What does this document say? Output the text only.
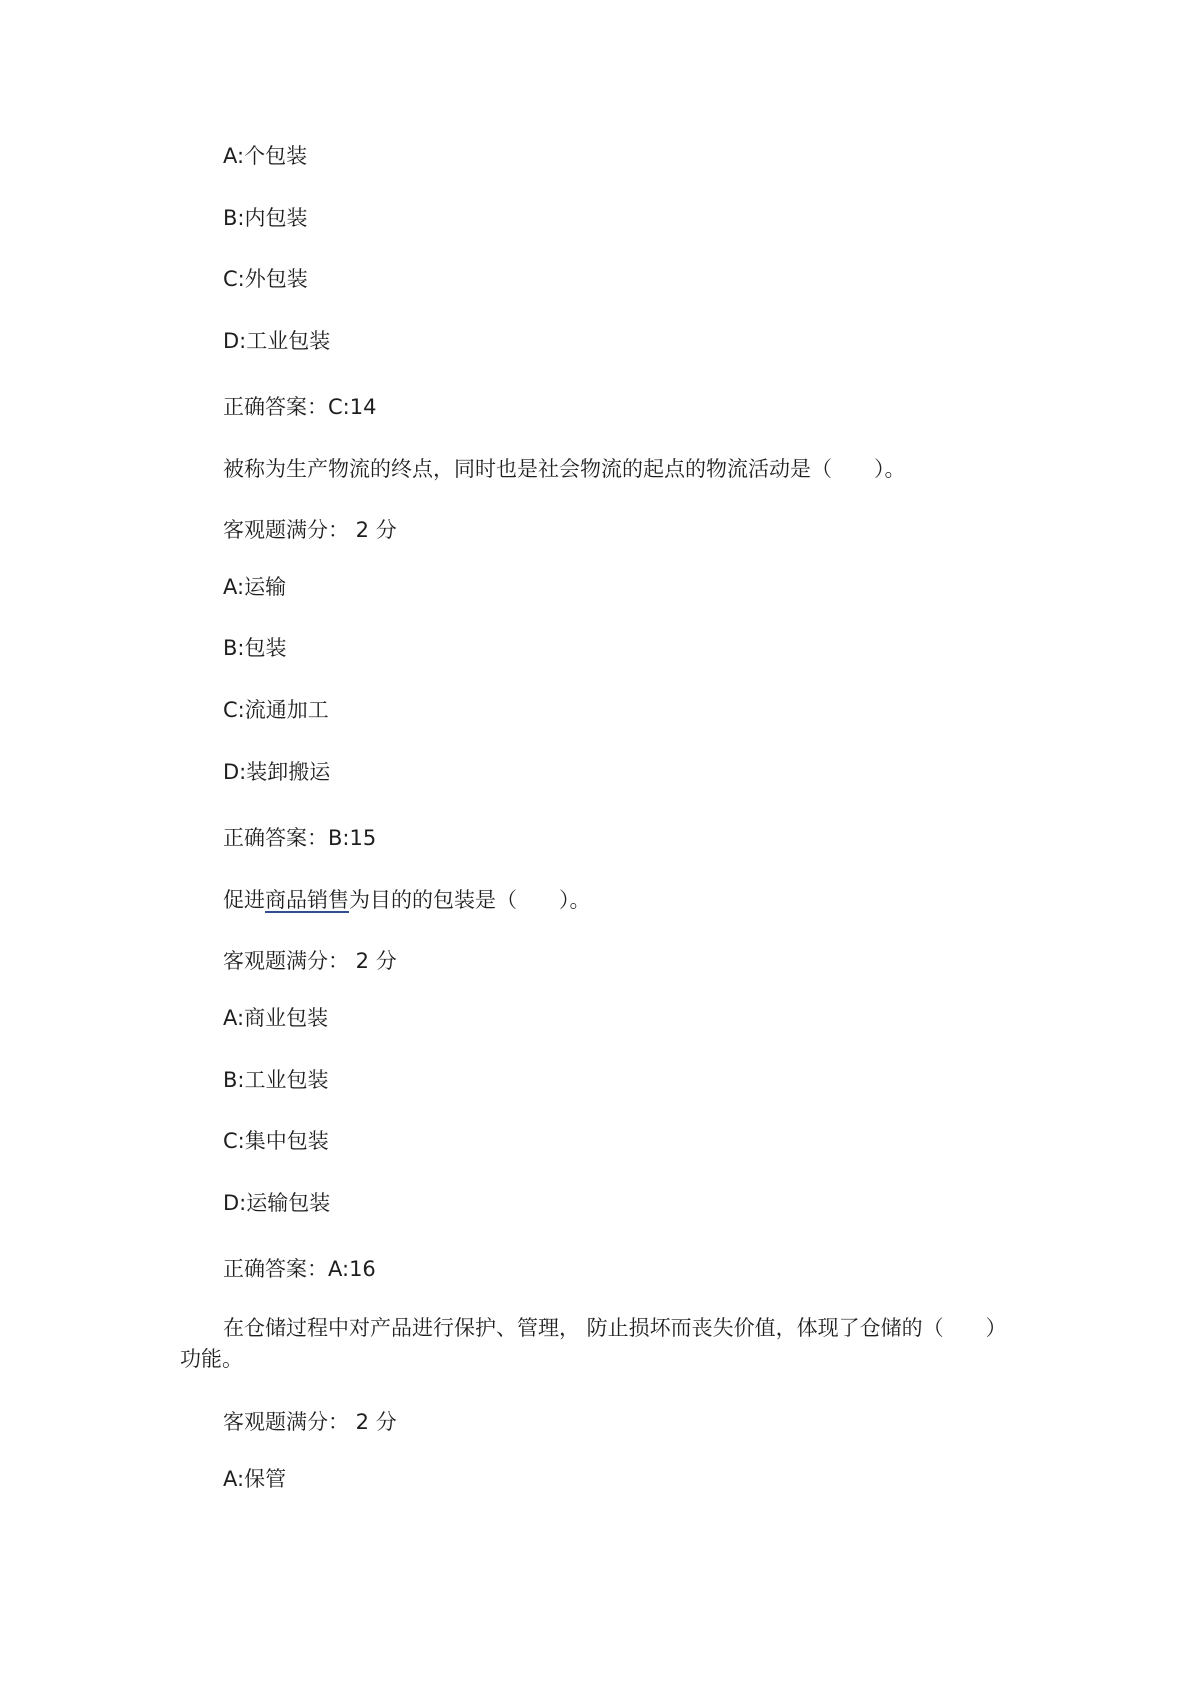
A:个包装
B:内包装
C:外包装
D:工业包装
正确答案：C:14
被称为生产物流的终点，同时也是社会物流的起点的物流活动是（　　）。
客观题满分： 2 分
A:运输
B:包装
C:流通加工
D:装卸搬运
正确答案：B:15
促进商品销售为目的的包装是（　　）。
客观题满分： 2 分
A:商业包装
B:工业包装
C:集中包装
D:运输包装
正确答案：A:16
在仓储过程中对产品进行保护、管理， 防止损坏而丧失价值，体现了仓储的（　　）功能。
客观题满分： 2 分
A:保管
